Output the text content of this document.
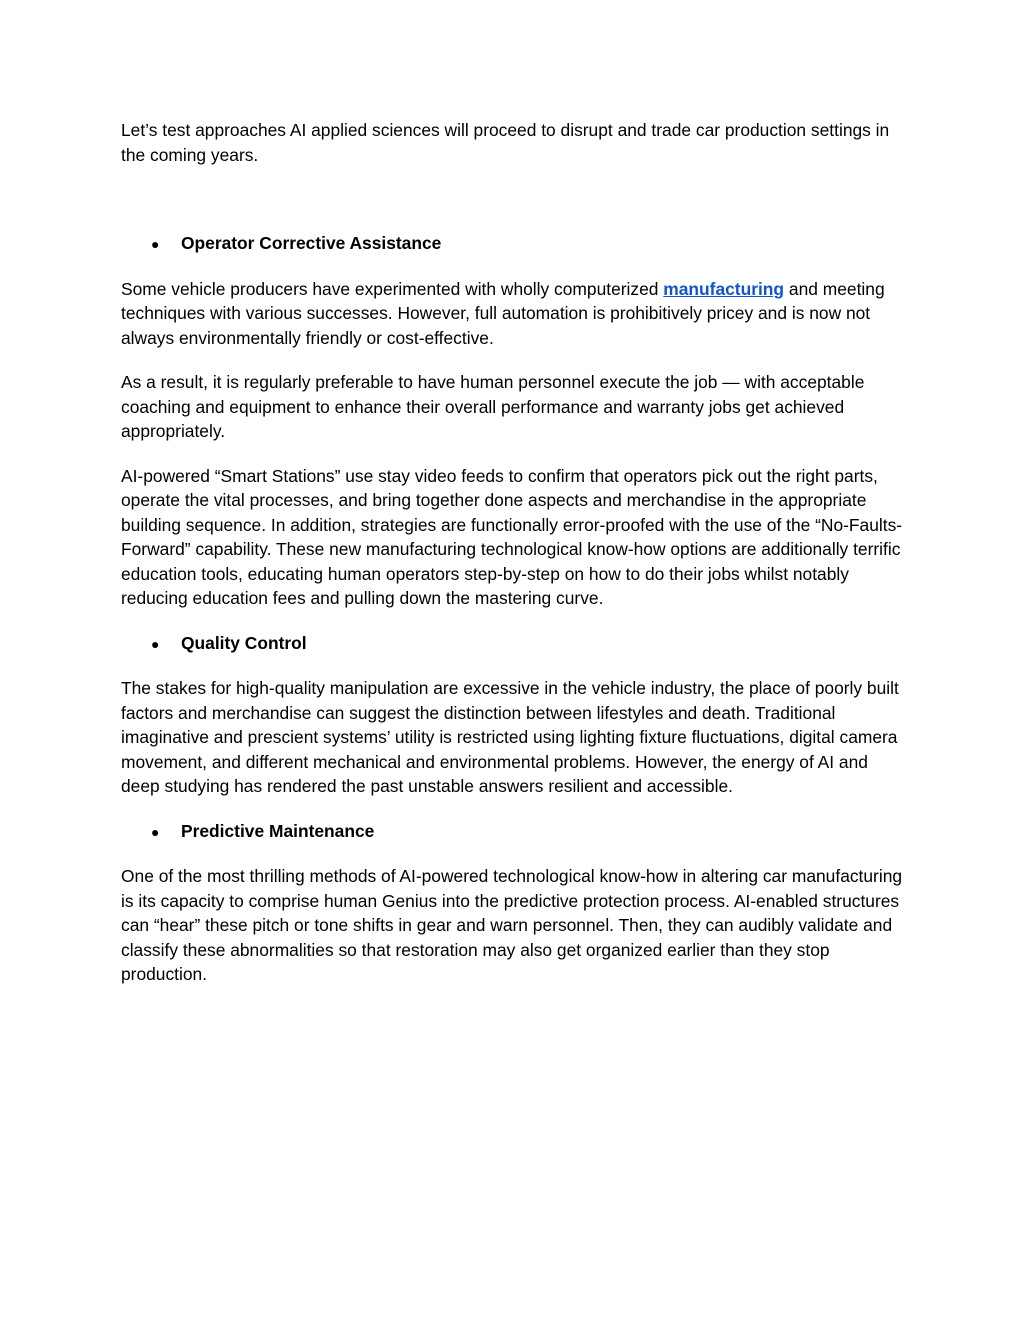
Let’s test approaches AI applied sciences will proceed to disrupt and trade car production settings in the coming years.

●	Operator Corrective Assistance

Some vehicle producers have experimented with wholly computerized manufacturing and meeting techniques with various successes. However, full automation is prohibitively pricey and is now not always environmentally friendly or cost-effective.

As a result, it is regularly preferable to have human personnel execute the job — with acceptable coaching and equipment to enhance their overall performance and warranty jobs get achieved appropriately.

AI-powered “Smart Stations” use stay video feeds to confirm that operators pick out the right parts, operate the vital processes, and bring together done aspects and merchandise in the appropriate building sequence. In addition, strategies are functionally error-proofed with the use of the “No-Faults-Forward” capability. These new manufacturing technological know-how options are additionally terrific education tools, educating human operators step-by-step on how to do their jobs whilst notably reducing education fees and pulling down the mastering curve.

●	Quality Control

The stakes for high-quality manipulation are excessive in the vehicle industry, the place of poorly built factors and merchandise can suggest the distinction between lifestyles and death. Traditional imaginative and prescient systems’ utility is restricted using lighting fixture fluctuations, digital camera movement, and different mechanical and environmental problems. However, the energy of AI and deep studying has rendered the past unstable answers resilient and accessible.

●	Predictive Maintenance

One of the most thrilling methods of AI-powered technological know-how in altering car manufacturing is its capacity to comprise human Genius into the predictive protection process. AI-enabled structures can “hear” these pitch or tone shifts in gear and warn personnel. Then, they can audibly validate and classify these abnormalities so that restoration may also get organized earlier than they stop production.
